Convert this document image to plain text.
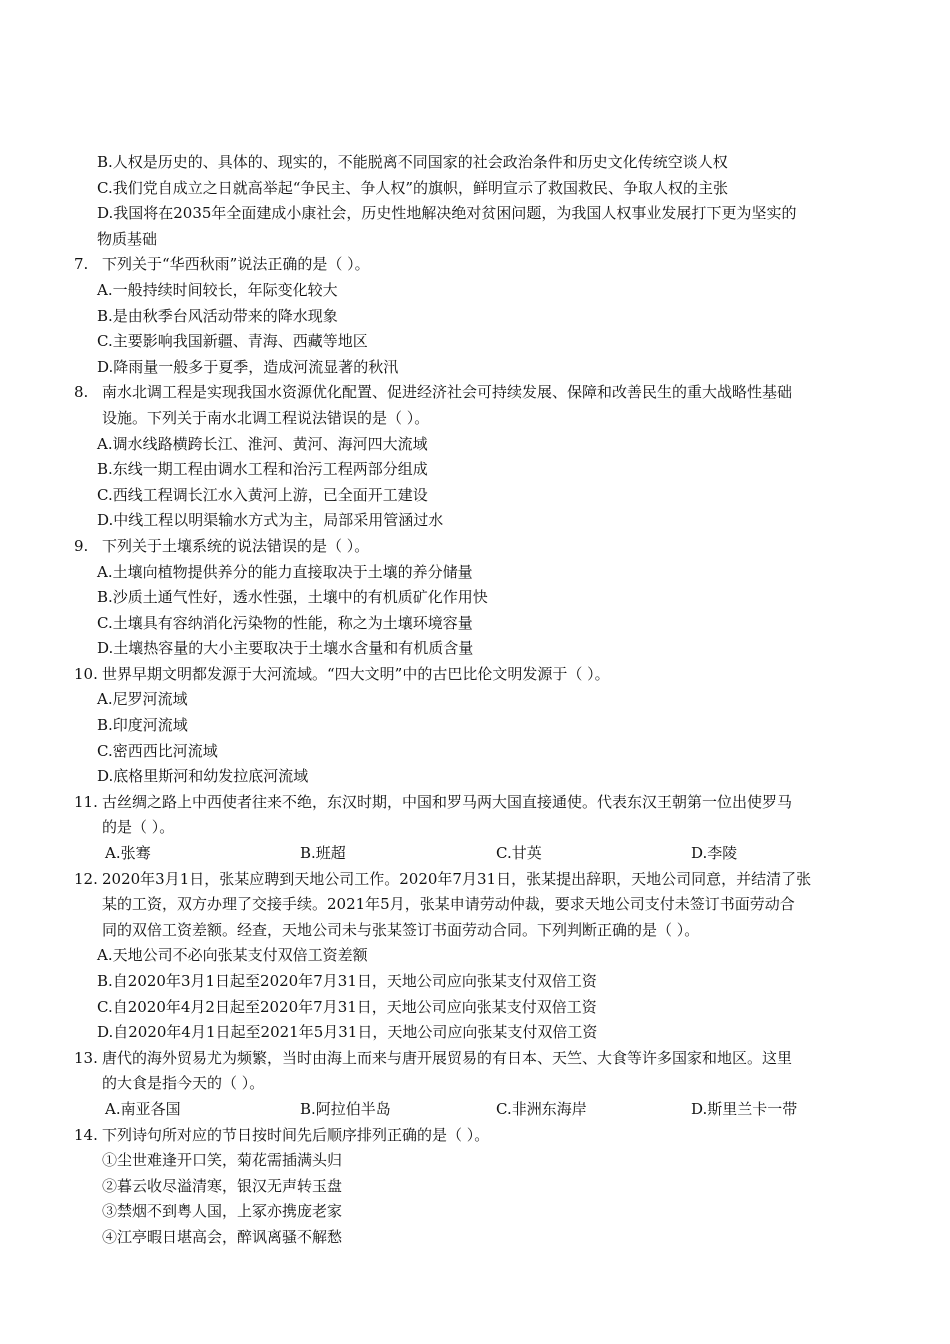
B.人权是历史的、具体的、现实的，不能脱离不同国家的社会政治条件和历史文化传统空谈人权
C.我们党自成立之日就高举起“争民主、争人权”的旗帜，鲜明宣示了救国救民、争取人权的主张
D.我国将在2035年全面建成小康社会，历史性地解决绝对贫困问题，为我国人权事业发展打下更为坚实的
物质基础
7. 下列关于“华西秋雨”说法正确的是（ ）。
A.一般持续时间较长，年际变化较大
B.是由秋季台风活动带来的降水现象
C.主要影响我国新疆、青海、西藏等地区
D.降雨量一般多于夏季，造成河流显著的秋汛
8. 南水北调工程是实现我国水资源优化配置、促进经济社会可持续发展、保障和改善民生的重大战略性基础
设施。下列关于南水北调工程说法错误的是（ ）。
A.调水线路横跨长江、淮河、黄河、海河四大流域
B.东线一期工程由调水工程和治污工程两部分组成
C.西线工程调长江水入黄河上游，已全面开工建设
D.中线工程以明渠输水方式为主，局部采用管涵过水
9. 下列关于土壤系统的说法错误的是（ ）。
A.土壤向植物提供养分的能力直接取决于土壤的养分储量
B.沙质土通气性好，透水性强，土壤中的有机质矿化作用快
C.土壤具有容纳消化污染物的性能，称之为土壤环境容量
D.土壤热容量的大小主要取决于土壤水含量和有机质含量
10. 世界早期文明都发源于大河流域。“四大文明”中的古巴比伦文明发源于（ ）。
A.尼罗河流域
B.印度河流域
C.密西西比河流域
D.底格里斯河和幼发拉底河流域
11. 古丝绸之路上中西使者往来不绝，东汉时期，中国和罗马两大国直接通使。代表东汉王朝第一位出使罗马
的是（ ）。
A.张骞	B.班超	C.甘英	D.李陵
12. 2020年3月1日，张某应聘到天地公司工作。2020年7月31日，张某提出辞职，天地公司同意，并结清了张
某的工资，双方办理了交接手续。2021年5月，张某申请劳动仲裁，要求天地公司支付未签订书面劳动合
同的双倍工资差额。经查，天地公司未与张某签订书面劳动合同。下列判断正确的是（ ）。
A.天地公司不必向张某支付双倍工资差额
B.自2020年3月1日起至2020年7月31日，天地公司应向张某支付双倍工资
C.自2020年4月2日起至2020年7月31日，天地公司应向张某支付双倍工资
D.自2020年4月1日起至2021年5月31日，天地公司应向张某支付双倍工资
13. 唐代的海外贸易尤为频繁，当时由海上而来与唐开展贸易的有日本、天竺、大食等许多国家和地区。这里
的大食是指今天的（ ）。
A.南亚各国	B.阿拉伯半岛	C.非洲东海岸	D.斯里兰卡一带
14. 下列诗句所对应的节日按时间先后顺序排列正确的是（ ）。
①尘世难逢开口笑，菊花需插满头归
②暮云收尽溢清寒，银汉无声转玉盘
③禁烟不到粤人国，上冢亦携庞老家
④江亭暇日堪高会，醉讽离骚不解愁
